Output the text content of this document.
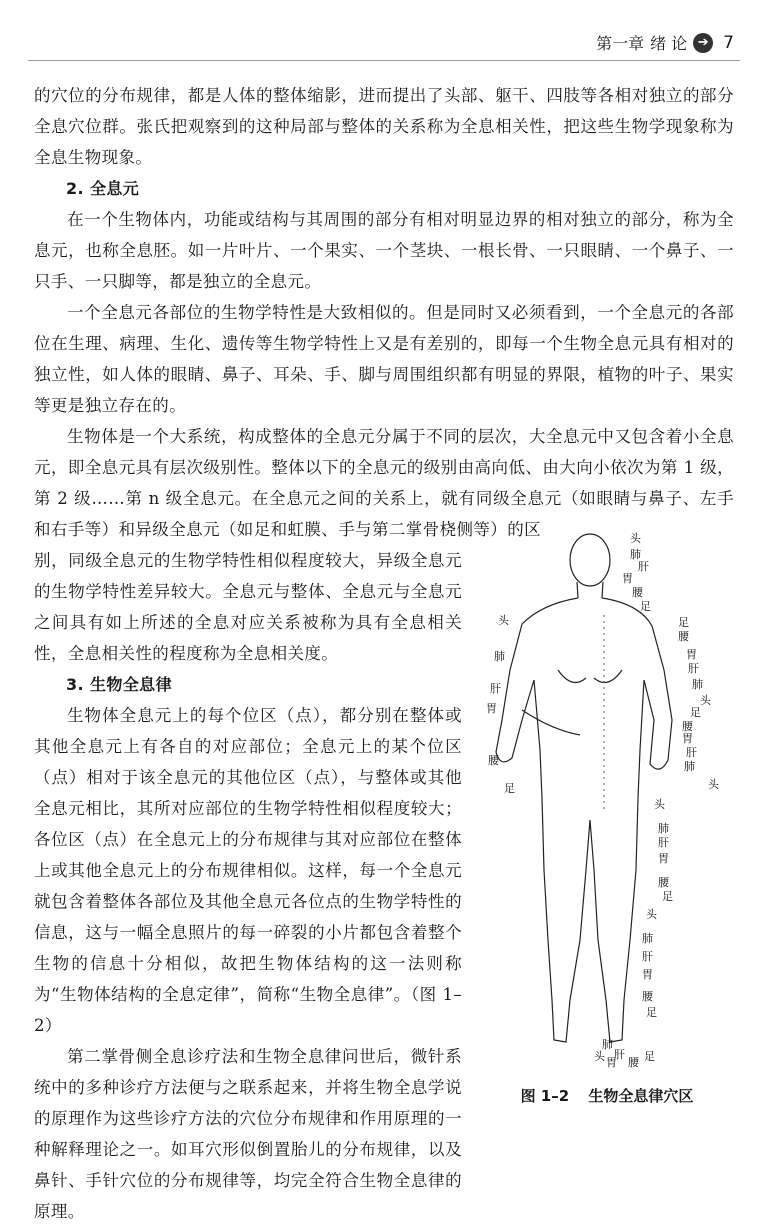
第一章 绪 论 ➔ 7

的穴位的分布规律，都是人体的整体缩影，进而提出了头部、躯干、四肢等各相对独立的部分全息穴位群。张氏把观察到的这种局部与整体的关系称为全息相关性，把这些生物学现象称为全息生物现象。

2. 全息元

在一个生物体内，功能或结构与其周围的部分有相对明显边界的相对独立的部分，称为全息元，也称全息胚。如一片叶片、一个果实、一个茎块、一根长骨、一只眼睛、一个鼻子、一只手、一只脚等，都是独立的全息元。

一个全息元各部位的生物学特性是大致相似的。但是同时又必须看到，一个全息元的各部位在生理、病理、生化、遗传等生物学特性上又是有差别的，即每一个生物全息元具有相对的独立性，如人体的眼睛、鼻子、耳朵、手、脚与周围组织都有明显的界限，植物的叶子、果实等更是独立存在的。

生物体是一个大系统，构成整体的全息元分属于不同的层次，大全息元中又包含着小全息元，即全息元具有层次级别性。整体以下的全息元的级别由高向低、由大向小依次为第 1 级，第 2 级……第 n 级全息元。在全息元之间的关系上，就有同级全息元（如眼睛与鼻子、左手和右手等）和异级全息元（如足和虹膜、手与第二掌骨桡侧等）的区

别，同级全息元的生物学特性相似程度较大，异级全息元的生物学特性差异较大。全息元与整体、全息元与全息元之间具有如上所述的全息对应关系被称为具有全息相关性，全息相关性的程度称为全息相关度。

3. 生物全息律

生物体全息元上的每个位区（点），都分别在整体或其他全息元上有各自的对应部位；全息元上的某个位区（点）相对于该全息元的其他位区（点），与整体或其他全息元相比，其所对应部位的生物学特性相似程度较大；各位区（点）在全息元上的分布规律与其对应部位在整体上或其他全息元上的分布规律相似。这样，每一个全息元就包含着整体各部位及其他全息元各位点的生物学特性的信息，这与一幅全息照片的每一碎裂的小片都包含着整个生物的信息十分相似，故把生物体结构的这一法则称为“生物体结构的全息定律”，简称“生物全息律”。（图 1–2）

第二掌骨侧全息诊疗法和生物全息律问世后，微针系统中的多种诊疗方法便与之联系起来，并将生物全息学说的原理作为这些诊疗方法的穴位分布规律和作用原理的一种解释理论之一。如耳穴形似倒置胎儿的分布规律，以及鼻针、手针穴位的分布规律等，均完全符合生物全息律的原理。

头
肺
肝
胃
腰
足
头
肺
肝
胃
腰
足
足
腰
胃
肝
肺
头
足
腰
胃
肝
肺
头
头
肺
肝
胃
腰
足
头
肺
肝
胃
腰
足
头
肺
肝
胃 腰 足
图 1–2 生物全息律穴区
